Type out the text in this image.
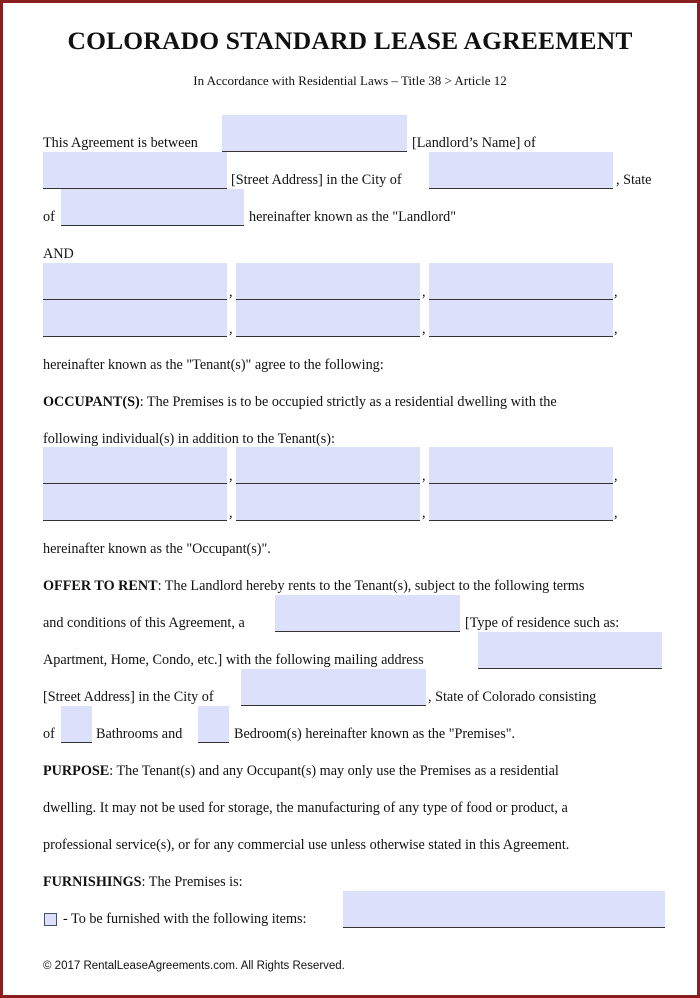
COLORADO STANDARD LEASE AGREEMENT
In Accordance with Residential Laws – Title 38 > Article 12
This Agreement is between	[Landlord’s Name] of
[Street Address] in the City of	, State
of	hereinafter known as the "Landlord"
AND
,	,	,
,	,	,
hereinafter known as the "Tenant(s)" agree to the following:
OCCUPANT(S): The Premises is to be occupied strictly as a residential dwelling with the
following individual(s) in addition to the Tenant(s):
,	,	,
,	,	,
hereinafter known as the "Occupant(s)".
OFFER TO RENT: The Landlord hereby rents to the Tenant(s), subject to the following terms
and conditions of this Agreement, a	[Type of residence such as:
Apartment, Home, Condo, etc.] with the following mailing address
[Street Address] in the City of	, State of Colorado consisting
of	Bathrooms and	Bedroom(s) hereinafter known as the "Premises".
PURPOSE: The Tenant(s) and any Occupant(s) may only use the Premises as a residential
dwelling. It may not be used for storage, the manufacturing of any type of food or product, a
professional service(s), or for any commercial use unless otherwise stated in this Agreement.
FURNISHINGS: The Premises is:
- To be furnished with the following items:
© 2017 RentalLeaseAgreements.com. All Rights Reserved.
